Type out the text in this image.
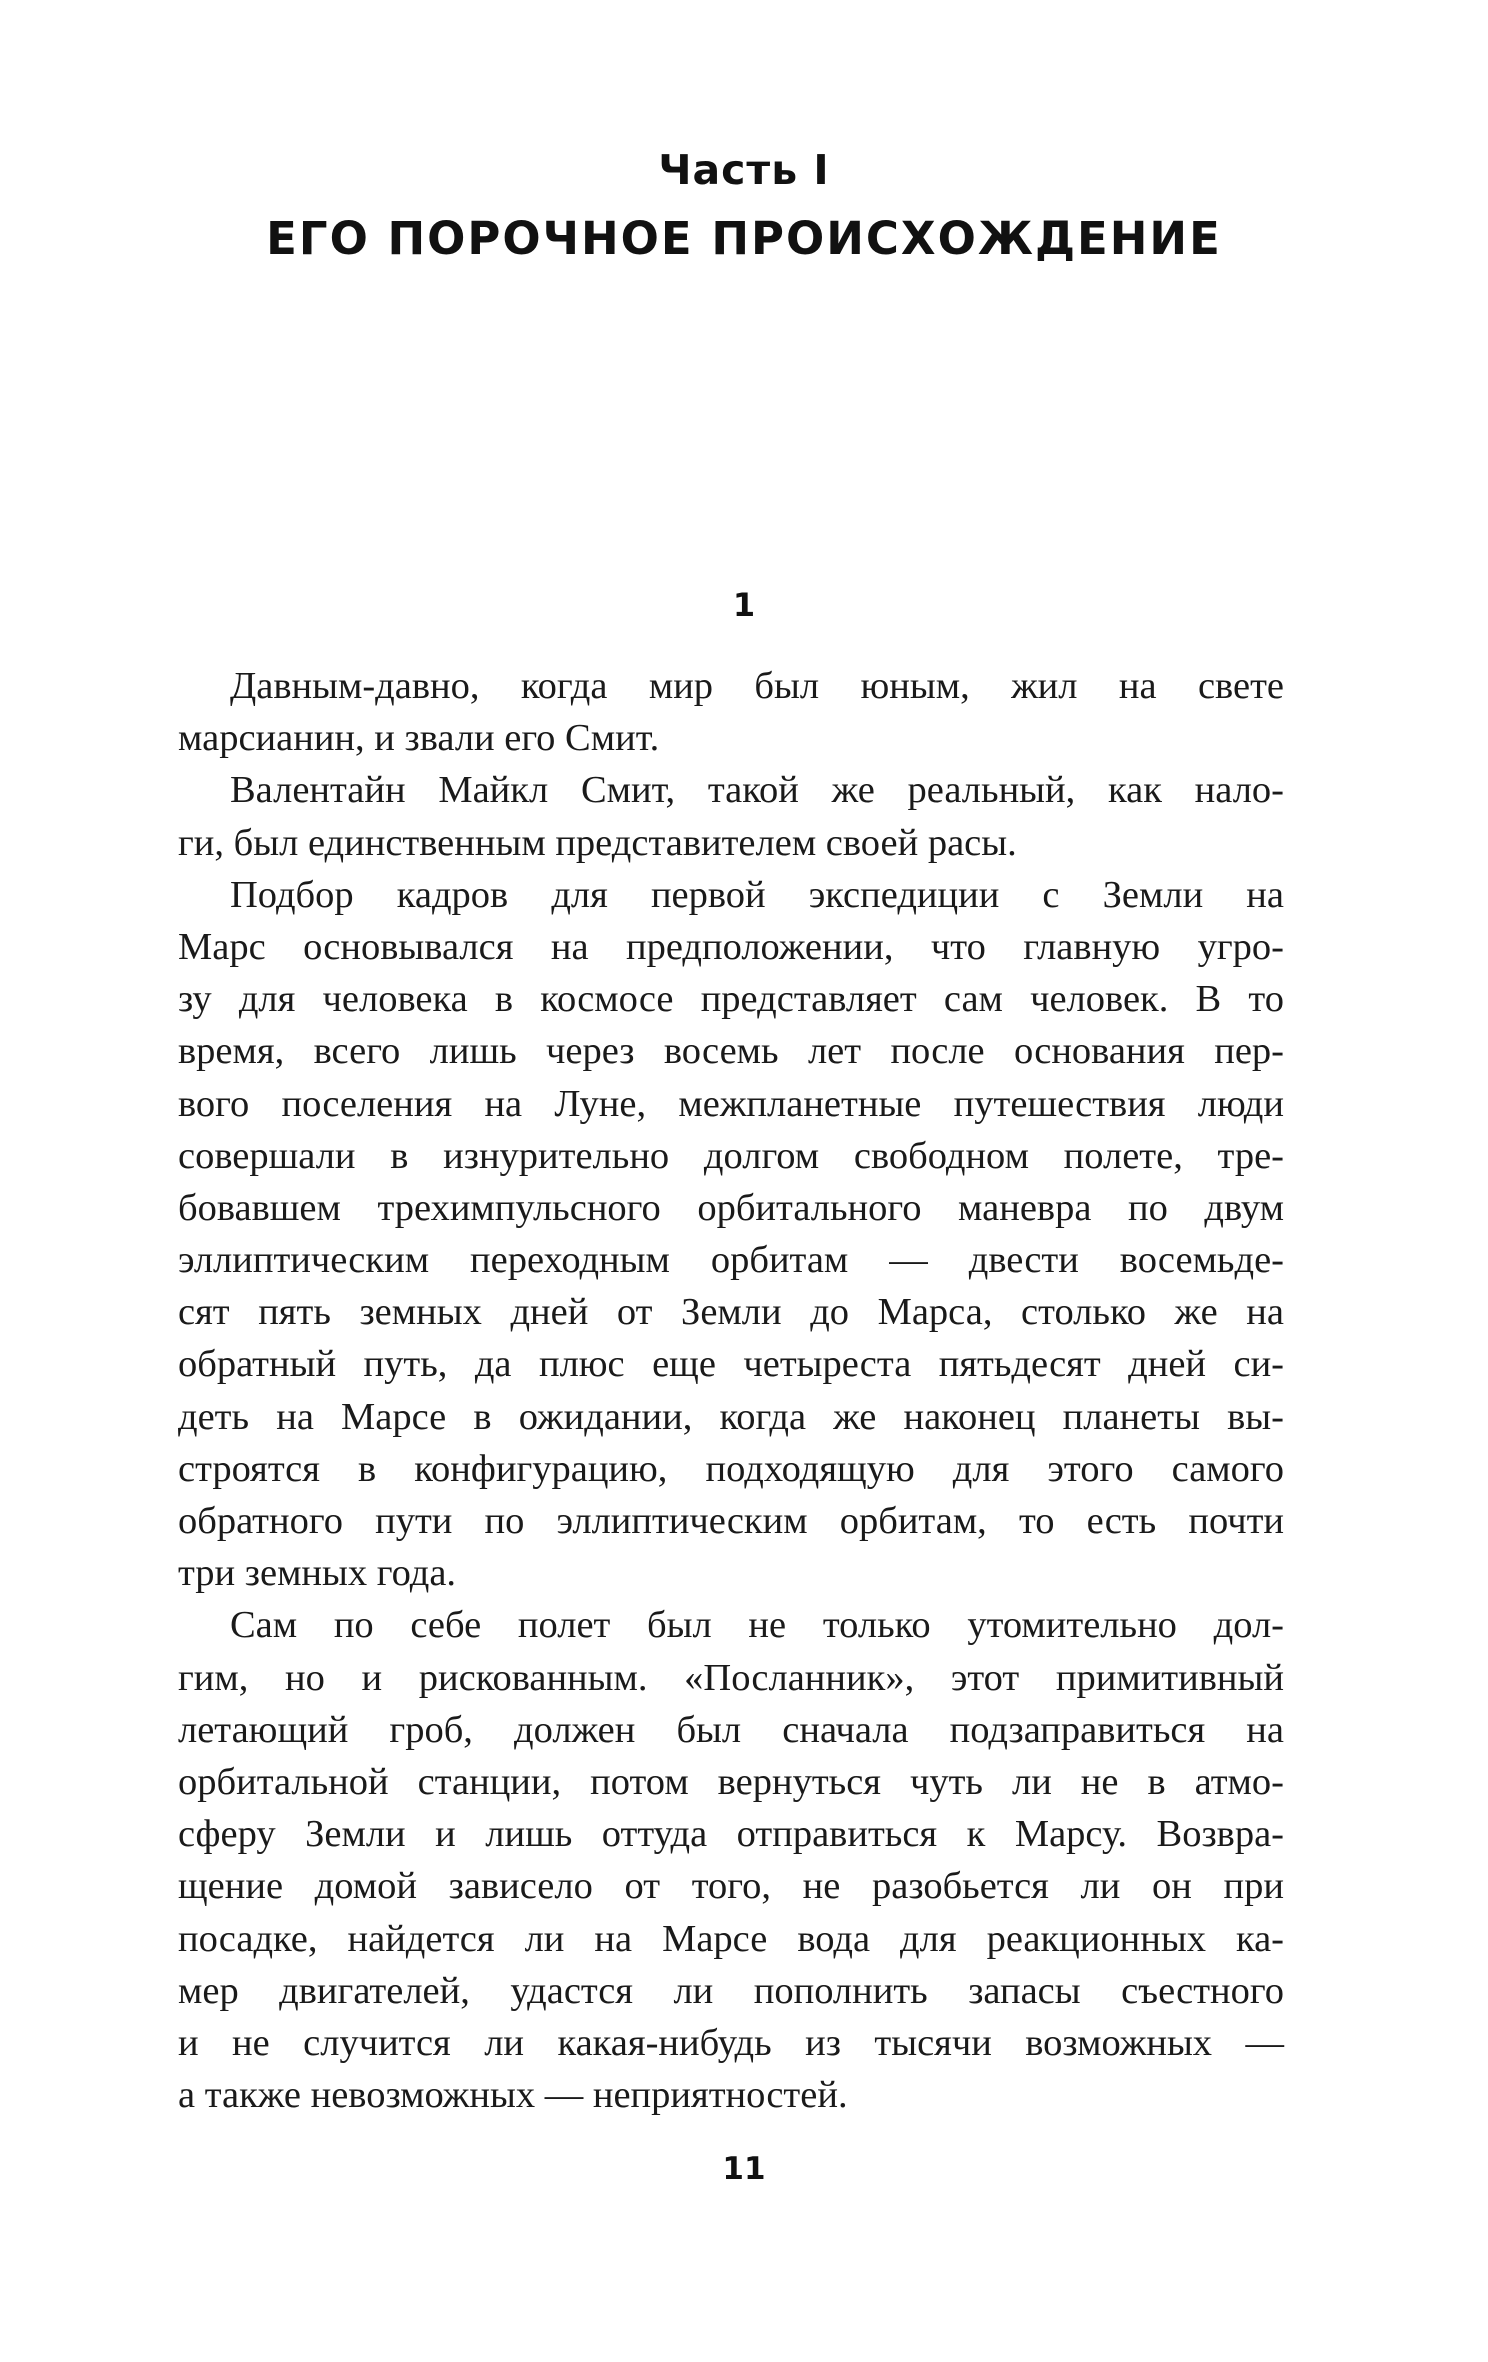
Часть I
ЕГО ПОРОЧНОЕ ПРОИСХОЖДЕНИЕ
1
Давным-давно, когда мир был юным, жил на свете
марсианин, и звали его Смит.
Валентайн Майкл Смит, такой же реальный, как нало-
ги, был единственным представителем своей расы.
Подбор кадров для первой экспедиции с Земли на
Марс основывался на предположении, что главную угро-
зу для человека в космосе представляет сам человек. В то
время, всего лишь через восемь лет после основания пер-
вого поселения на Луне, межпланетные путешествия люди
совершали в изнурительно долгом свободном полете, тре-
бовавшем трехимпульсного орбитального маневра по двум
эллиптическим переходным орбитам — двести восемьде-
сят пять земных дней от Земли до Марса, столько же на
обратный путь, да плюс еще четыреста пятьдесят дней си-
деть на Марсе в ожидании, когда же наконец планеты вы-
строятся в конфигурацию, подходящую для этого самого
обратного пути по эллиптическим орбитам, то есть почти
три земных года.
Сам по себе полет был не только утомительно дол-
гим, но и рискованным. «Посланник», этот примитивный
летающий гроб, должен был сначала подзаправиться на
орбитальной станции, потом вернуться чуть ли не в атмо-
сферу Земли и лишь оттуда отправиться к Марсу. Возвра-
щение домой зависело от того, не разобьется ли он при
посадке, найдется ли на Марсе вода для реакционных ка-
мер двигателей, удастся ли пополнить запасы съестного
и не случится ли какая-нибудь из тысячи возможных —
а также невозможных — неприятностей.
11
